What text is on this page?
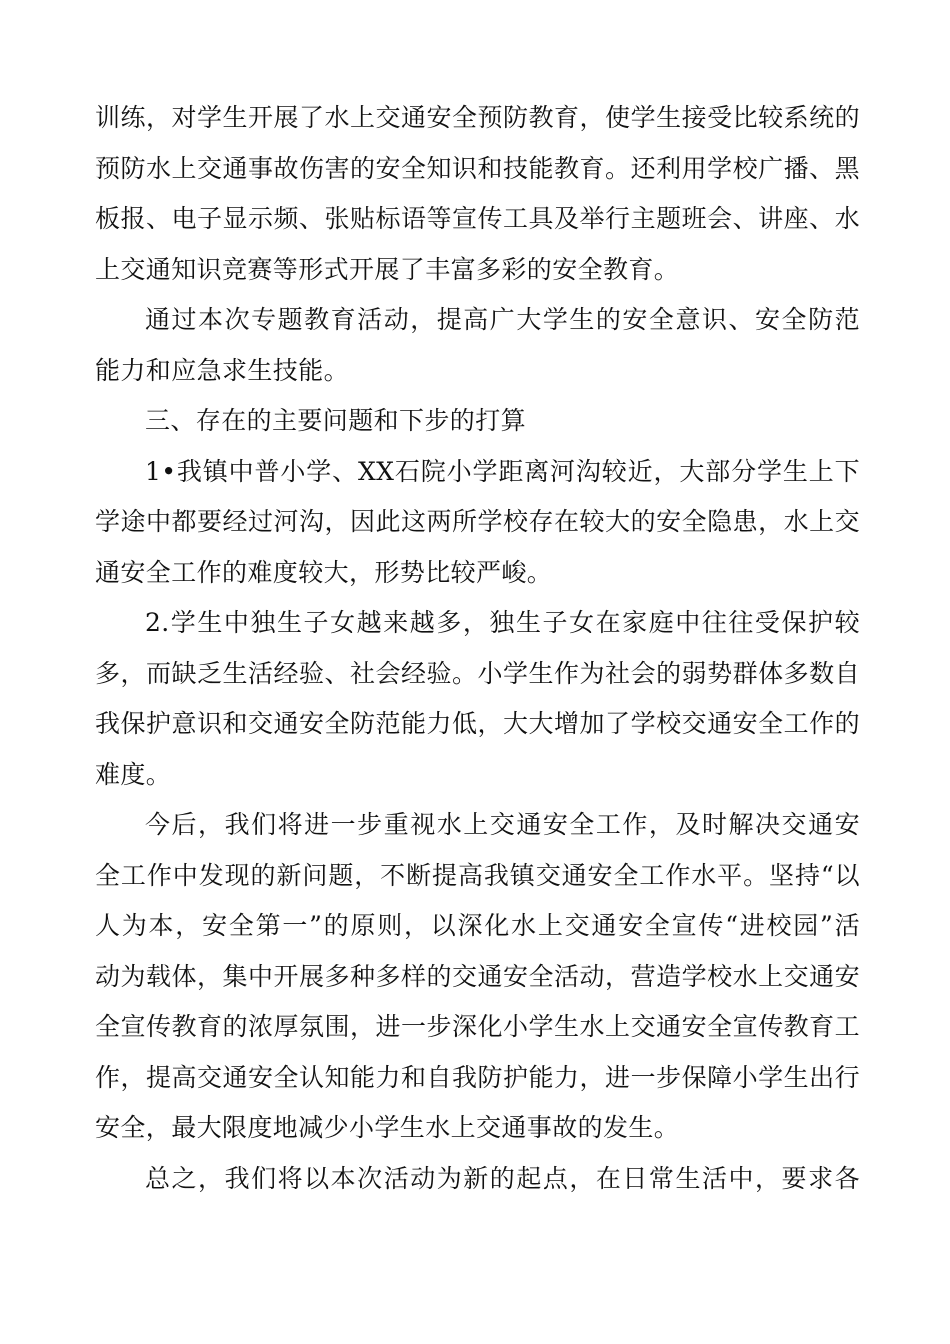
训练，对学生开展了水上交通安全预防教育，使学生接受比较系统的
预防水上交通事故伤害的安全知识和技能教育。还利用学校广播、黑
板报、电子显示频、张贴标语等宣传工具及举行主题班会、讲座、水
上交通知识竞赛等形式开展了丰富多彩的安全教育。
通过本次专题教育活动，提高广大学生的安全意识、安全防范
能力和应急求生技能。
三、存在的主要问题和下步的打算
1•我镇中普小学、XX石院小学距离河沟较近，大部分学生上下
学途中都要经过河沟，因此这两所学校存在较大的安全隐患，水上交
通安全工作的难度较大，形势比较严峻。
2.学生中独生子女越来越多，独生子女在家庭中往往受保护较
多，而缺乏生活经验、社会经验。小学生作为社会的弱势群体多数自
我保护意识和交通安全防范能力低，大大增加了学校交通安全工作的
难度。
今后，我们将进一步重视水上交通安全工作，及时解决交通安
全工作中发现的新问题，不断提高我镇交通安全工作水平。坚持“以
人为本，安全第一”的原则，以深化水上交通安全宣传“进校园”活
动为载体，集中开展多种多样的交通安全活动，营造学校水上交通安
全宣传教育的浓厚氛围，进一步深化小学生水上交通安全宣传教育工
作，提高交通安全认知能力和自我防护能力，进一步保障小学生出行
安全，最大限度地减少小学生水上交通事故的发生。
总之，我们将以本次活动为新的起点，在日常生活中，要求各
